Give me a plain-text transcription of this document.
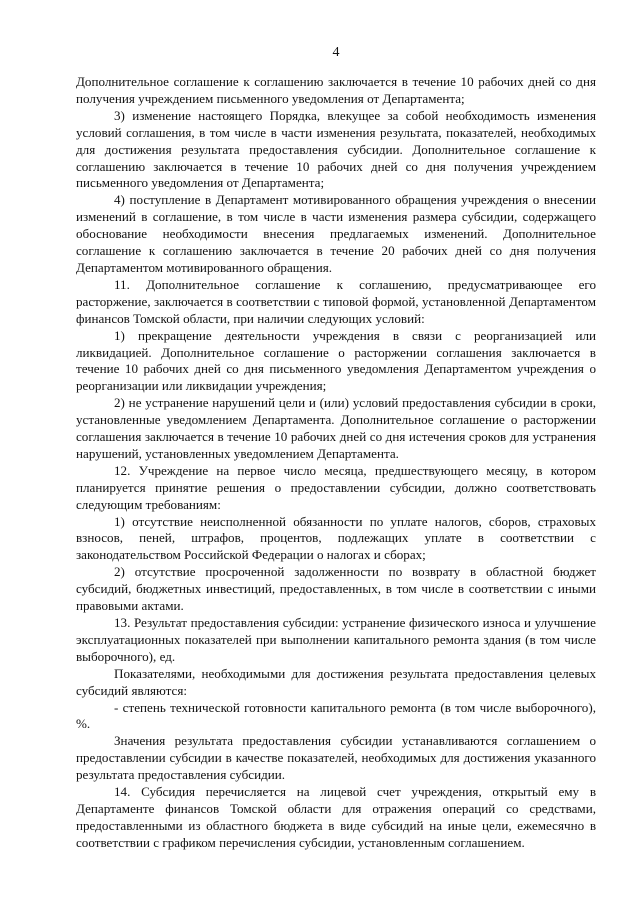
4

Дополнительное соглашение к соглашению заключается в течение 10 рабочих дней со дня получения учреждением письменного уведомления от Департамента;

3) изменение настоящего Порядка, влекущее за собой необходимость изменения условий соглашения, в том числе в части изменения результата, показателей, необходимых для достижения результата предоставления субсидии. Дополнительное соглашение к соглашению заключается в течение 10 рабочих дней со дня получения учреждением письменного уведомления от Департамента;

4) поступление в Департамент мотивированного обращения учреждения о внесении изменений в соглашение, в том числе в части изменения размера субсидии, содержащего обоснование необходимости внесения предлагаемых изменений. Дополнительное соглашение к соглашению заключается в течение 20 рабочих дней со дня получения Департаментом мотивированного обращения.

11. Дополнительное соглашение к соглашению, предусматривающее его расторжение, заключается в соответствии с типовой формой, установленной Департаментом финансов Томской области, при наличии следующих условий:

1) прекращение деятельности учреждения в связи с реорганизацией или ликвидацией. Дополнительное соглашение о расторжении соглашения заключается в течение 10 рабочих дней со дня письменного уведомления Департаментом учреждения о реорганизации или ликвидации учреждения;

2) не устранение нарушений цели и (или) условий предоставления субсидии в сроки, установленные уведомлением Департамента. Дополнительное соглашение о расторжении соглашения заключается в течение 10 рабочих дней со дня истечения сроков для устранения нарушений, установленных уведомлением Департамента.

12. Учреждение на первое число месяца, предшествующего месяцу, в котором планируется принятие решения о предоставлении субсидии, должно соответствовать следующим требованиям:

1) отсутствие неисполненной обязанности по уплате налогов, сборов, страховых взносов, пеней, штрафов, процентов, подлежащих уплате в соответствии с законодательством Российской Федерации о налогах и сборах;

2) отсутствие просроченной задолженности по возврату в областной бюджет субсидий, бюджетных инвестиций, предоставленных, в том числе в соответствии с иными правовыми актами.

13. Результат предоставления субсидии: устранение физического износа и улучшение эксплуатационных показателей при выполнении капитального ремонта здания (в том числе выборочного), ед.

Показателями, необходимыми для достижения результата предоставления целевых субсидий являются:

- степень технической готовности капитального ремонта (в том числе выборочного), %.

Значения результата предоставления субсидии устанавливаются соглашением о предоставлении субсидии в качестве показателей, необходимых для достижения указанного результата предоставления субсидии.

14. Субсидия перечисляется на лицевой счет учреждения, открытый ему в Департаменте финансов Томской области для отражения операций со средствами, предоставленными из областного бюджета в виде субсидий на иные цели, ежемесячно в соответствии с графиком перечисления субсидии, установленным соглашением.
